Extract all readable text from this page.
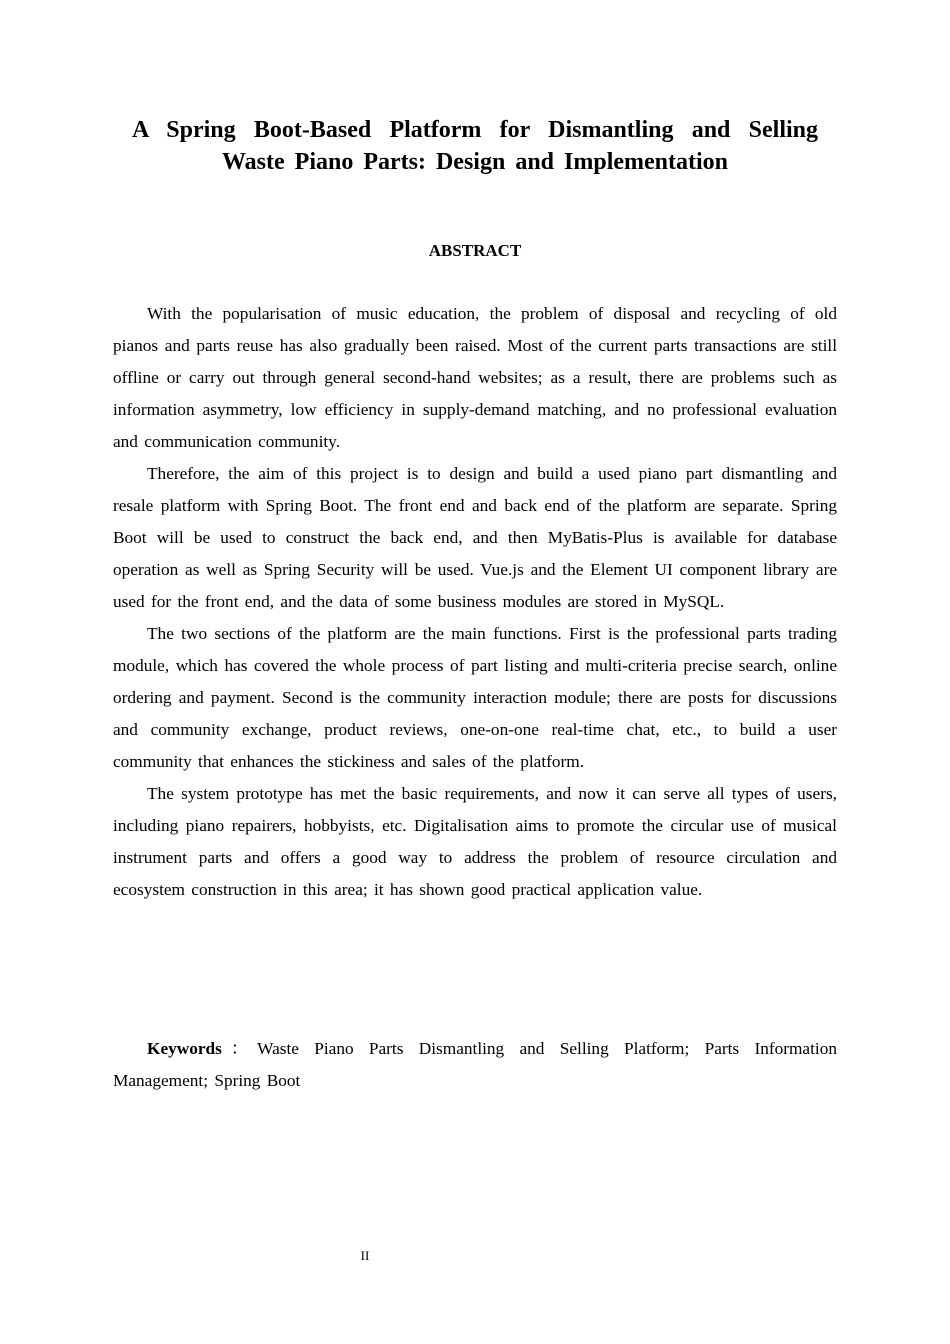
A Spring Boot-Based Platform for Dismantling and Selling
Waste Piano Parts: Design and Implementation
ABSTRACT

With the popularisation of music education, the problem of disposal and recycling of old pianos and parts reuse has also gradually been raised. Most of the current parts transactions are still offline or carry out through general second-hand websites; as a result, there are problems such as information asymmetry, low efficiency in supply-demand matching, and no professional evaluation and communication community.

Therefore, the aim of this project is to design and build a used piano part dismantling and resale platform with Spring Boot. The front end and back end of the platform are separate. Spring Boot will be used to construct the back end, and then MyBatis-Plus is available for database operation as well as Spring Security will be used. Vue.js and the Element UI component library are used for the front end, and the data of some business modules are stored in MySQL.

The two sections of the platform are the main functions. First is the professional parts trading module, which has covered the whole process of part listing and multi-criteria precise search, online ordering and payment. Second is the community interaction module; there are posts for discussions and community exchange, product reviews, one-on-one real-time chat, etc., to build a user community that enhances the stickiness and sales of the platform.

The system prototype has met the basic requirements, and now it can serve all types of users, including piano repairers, hobbyists, etc. Digitalisation aims to promote the circular use of musical instrument parts and offers a good way to address the problem of resource circulation and ecosystem construction in this area; it has shown good practical application value.

Keywords：Waste Piano Parts Dismantling and Selling Platform; Parts Information Management; Spring Boot

II
